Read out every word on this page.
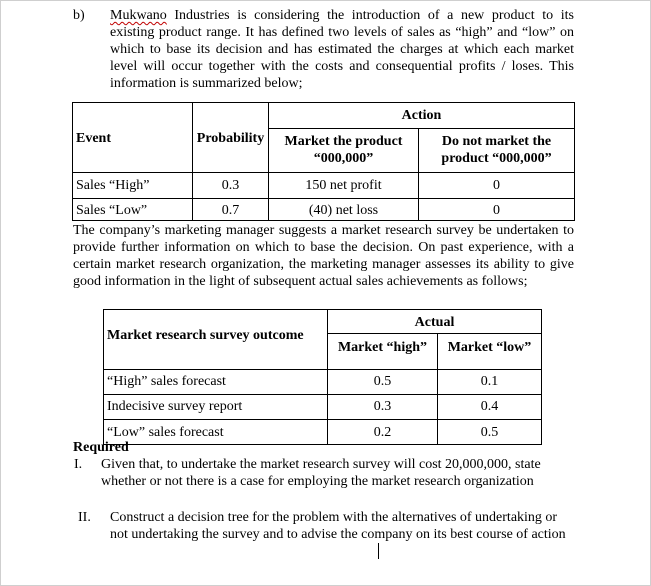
b) Mukwano Industries is considering the introduction of a new product to its existing product range. It has defined two levels of sales as “high” and “low” on which to base its decision and has estimated the charges at which each market level will occur together with the costs and consequential profits / loses. This information is summarized below;
Event	Probability	Action	
		Market the product “000,000”	Do not market the product “000,000”
Sales “High”	0.3	150 net profit	0
Sales “Low”	0.7	(40) net loss	0
The company’s marketing manager suggests a market research survey be undertaken to provide further information on which to base the decision. On past experience, with a certain market research organization, the marketing manager assesses its ability to give good information in the light of subsequent actual sales achievements as follows;
Market research survey outcome	Actual	
	Market “high”	Market “low”
“High” sales forecast	0.5	0.1
Indecisive survey report	0.3	0.4
“Low” sales forecast	0.2	0.5
Required
I. Given that, to undertake the market research survey will cost 20,000,000, state whether or not there is a case for employing the market research organization
II. Construct a decision tree for the problem with the alternatives of undertaking or not undertaking the survey and to advise the company on its best course of action
